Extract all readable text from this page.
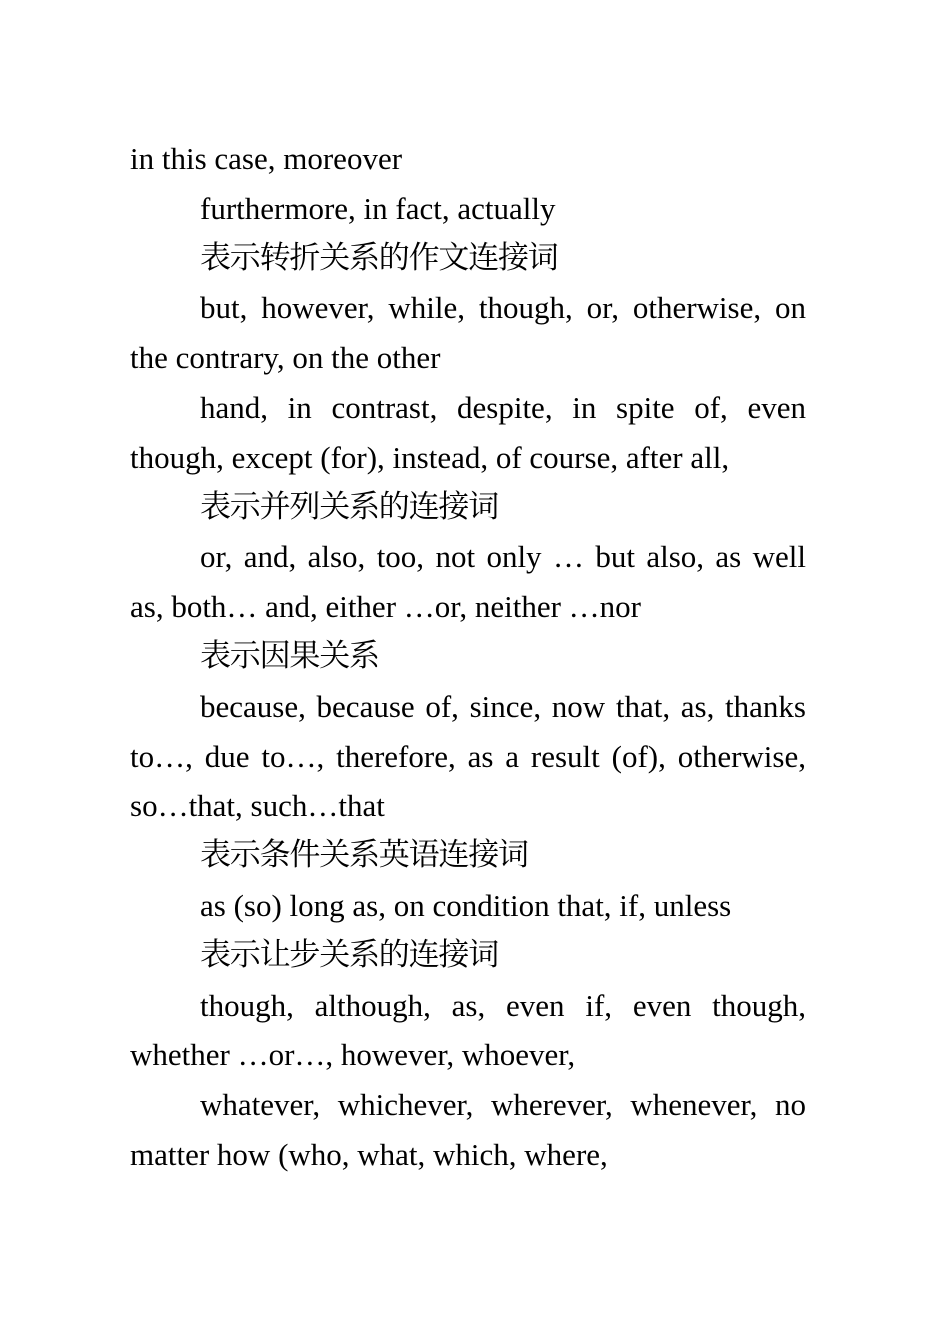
in this case, moreover

furthermore, in fact, actually

表示转折关系的作文连接词

but, however, while, though, or, otherwise, on the contrary, on the other

hand, in contrast, despite, in spite of, even though, except (for), instead, of course, after all,

表示并列关系的连接词

or, and, also, too, not only … but also, as well as, both… and, either …or, neither …nor

表示因果关系

because, because of, since, now that, as, thanks to…, due to…, therefore, as a result (of), otherwise, so…that, such…that

表示条件关系英语连接词

as (so) long as, on condition that, if, unless

表示让步关系的连接词

though, although, as, even if, even though, whether …or…, however, whoever,

whatever, whichever, wherever, whenever, no matter how (who, what, which, where,
